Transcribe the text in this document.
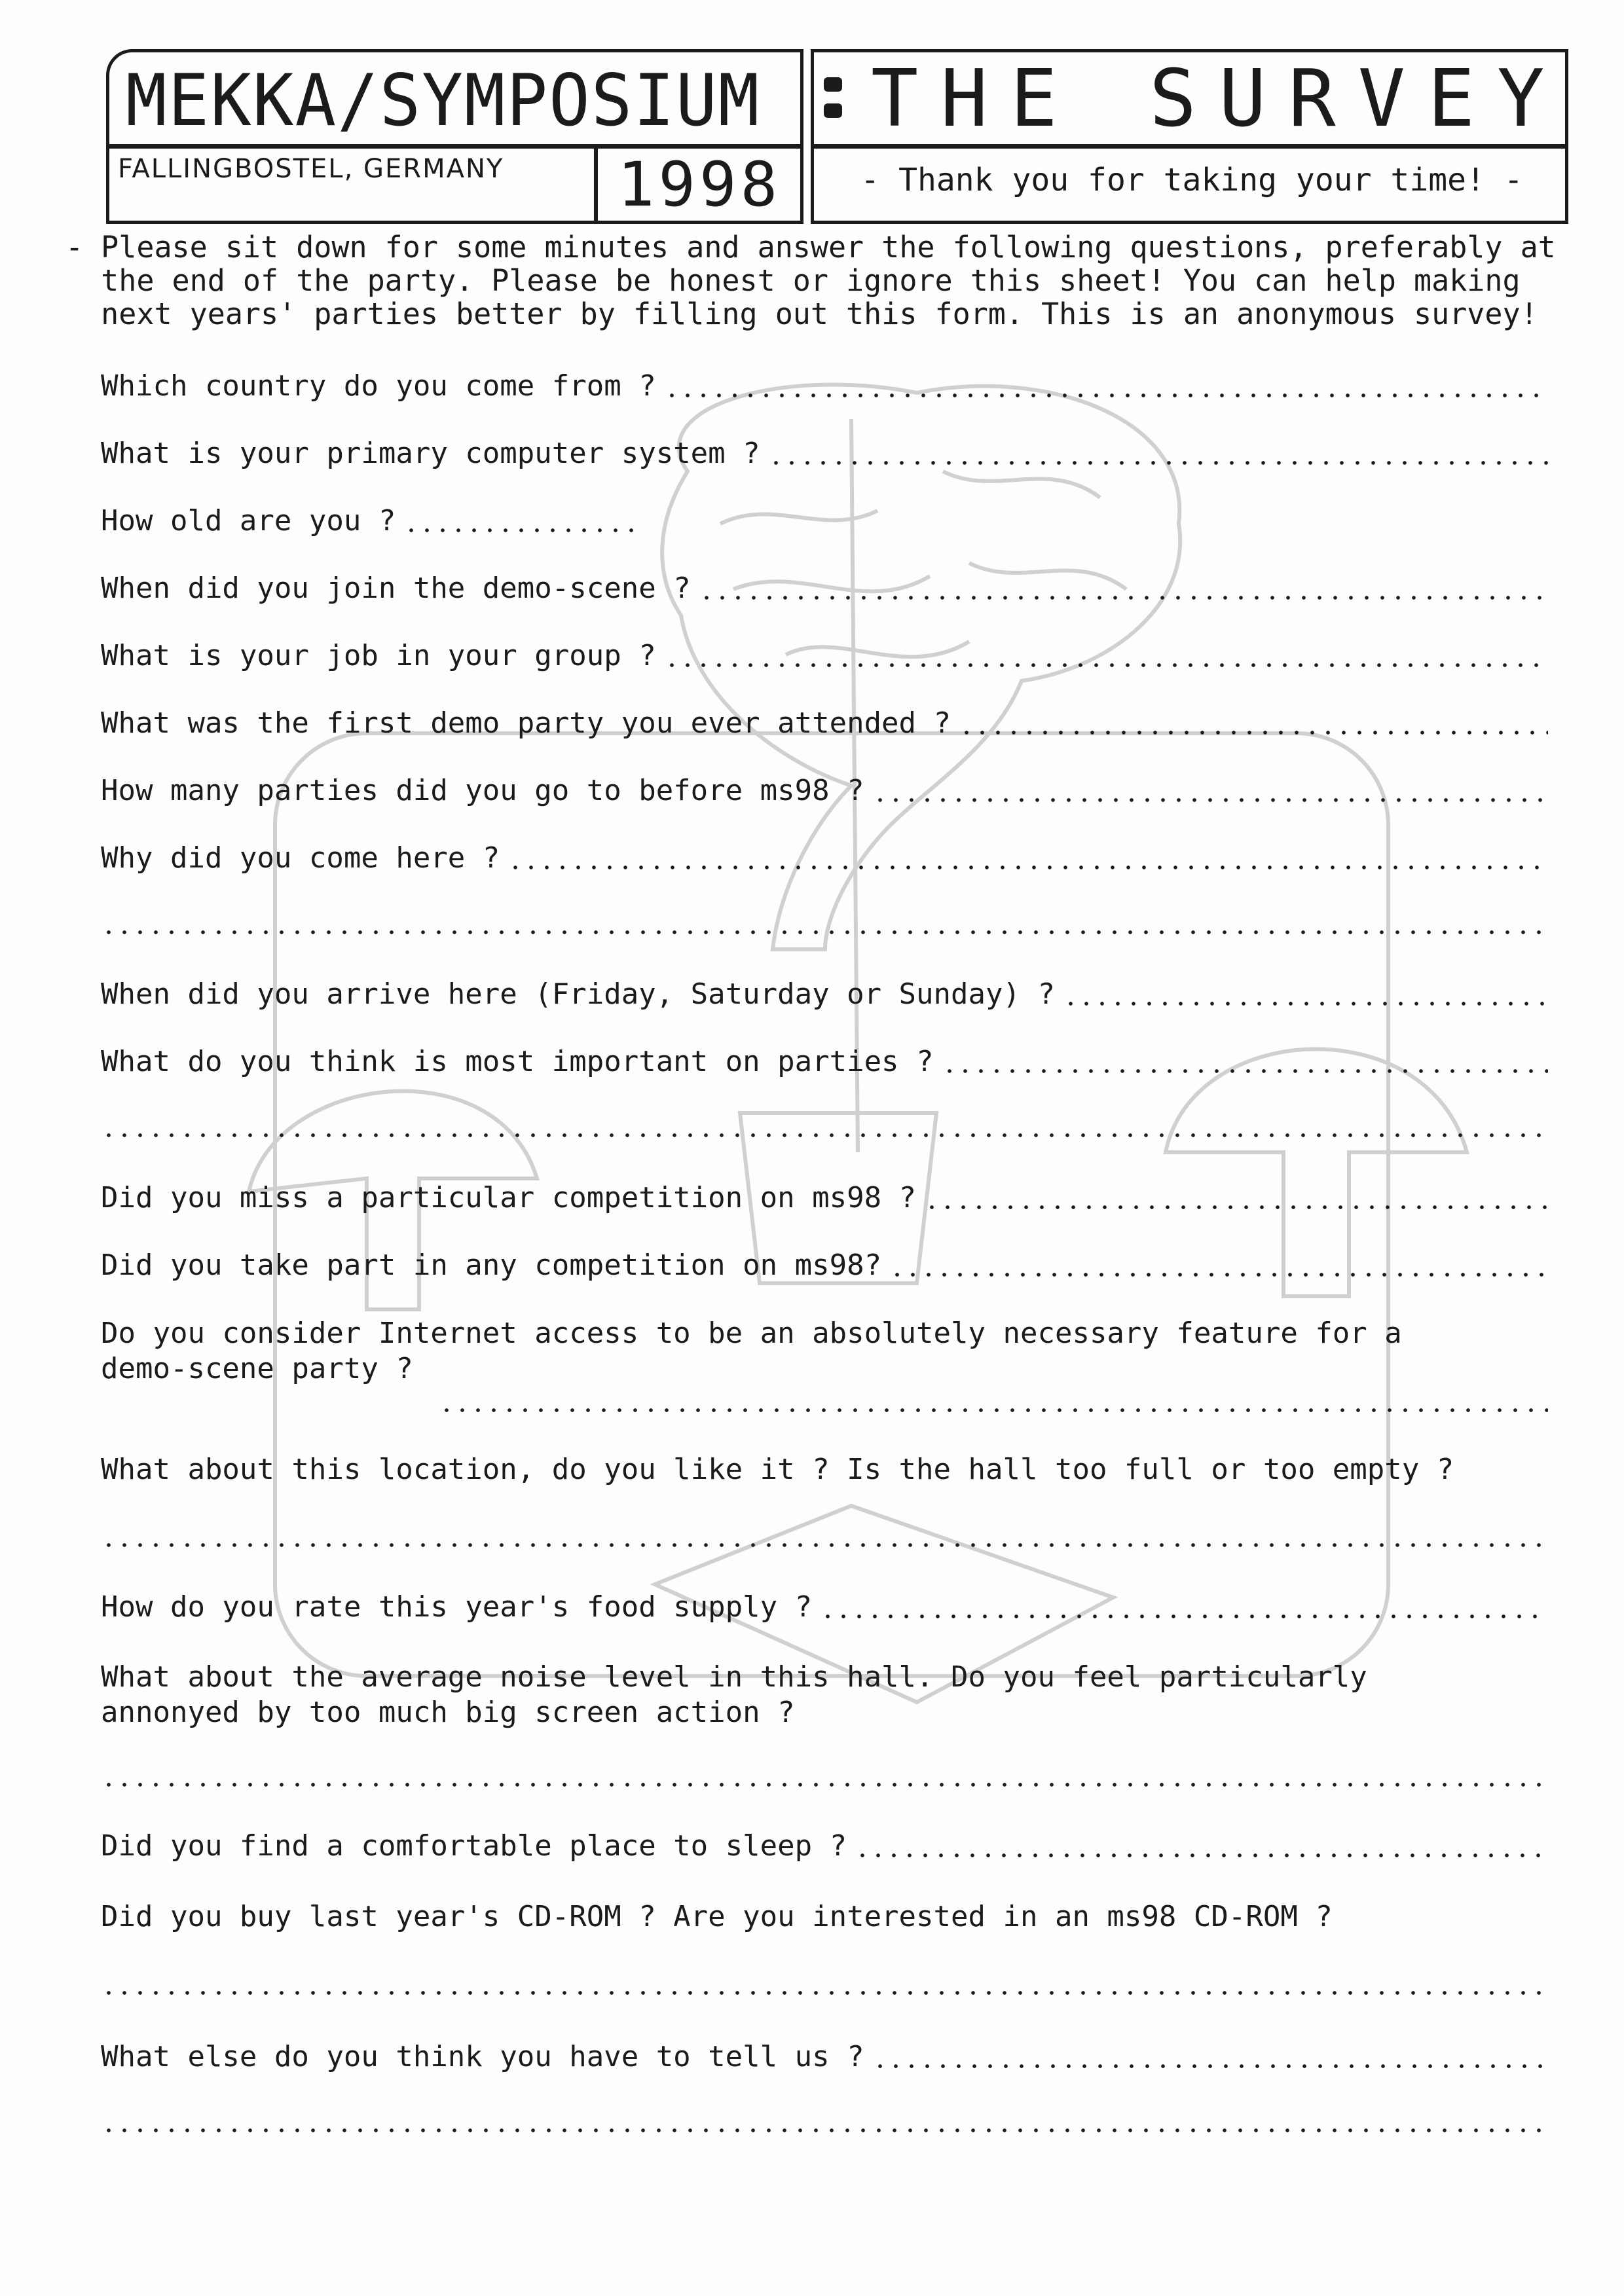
MEKKA/SYMPOSIUM	THE SURVEY
FALLINGBOSTEL, GERMANY	1998	- Thank you for taking your time! -
- Please sit down for some minutes and answer the following questions, preferably at
the end of the party. Please be honest or ignore this sheet! You can help making
next years' parties better by filling out this form. This is an anonymous survey!
Which country do you come from ?
What is your primary computer system ?
How old are you ?
When did you join the demo-scene ?
What is your job in your group ?
What was the first demo party you ever attended ?
How many parties did you go to before ms98 ?
Why did you come here ?
When did you arrive here (Friday, Saturday or Sunday) ?
What do you think is most important on parties ?
Did you miss a particular competition on ms98 ?
Did you take part in any competition on ms98?
Do you consider Internet access to be an absolutely necessary feature for a
demo-scene party ?
What about this location, do you like it ? Is the hall too full or too empty ?
How do you rate this year's food supply ?
What about the average noise level in this hall. Do you feel particularly
annonyed by too much big screen action ?
Did you find a comfortable place to sleep ?
Did you buy last year's CD-ROM ? Are you interested in an ms98 CD-ROM ?
What else do you think you have to tell us ?
